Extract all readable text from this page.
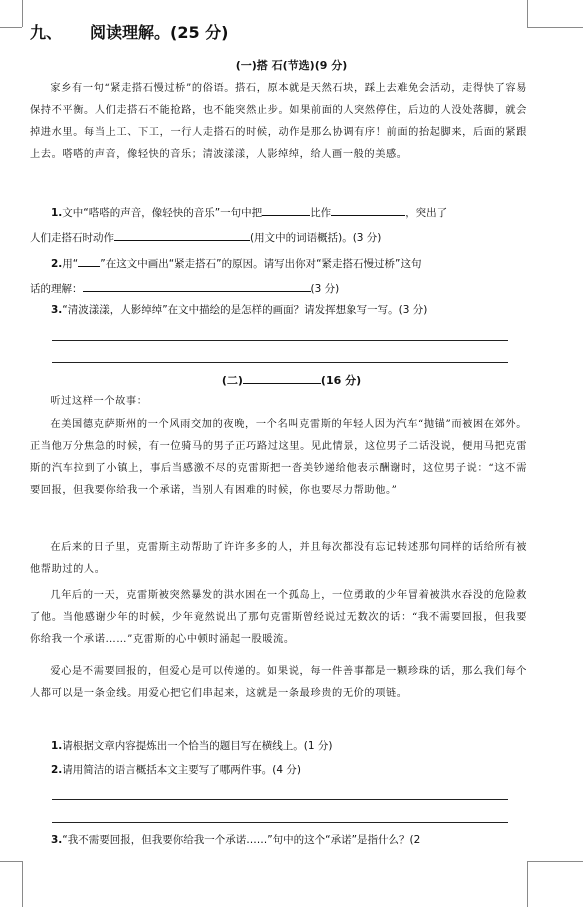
九、 阅读理解。(25 分)
(一)搭 石(节选)(9 分)
家乡有一句“紧走搭石慢过桥”的俗语。搭石，原本就是天然石块，踩上去难免会活动，走得快了容易保持不平衡。人们走搭石不能抢路，也不能突然止步。如果前面的人突然停住，后边的人没处落脚，就会掉进水里。每当上工、下工，一行人走搭石的时候，动作是那么协调有序！前面的抬起脚来，后面的紧跟上去。嗒嗒的声音，像轻快的音乐；清波漾漾，人影绰绰，给人画一般的美感。
1.文中“嗒嗒的声音，像轻快的音乐”一句中把	比作	，突出了
人们走搭石时动作	(用文中的词语概括)。(3 分)
2.用“ ”在这文中画出“紧走搭石”的原因。请写出你对“紧走搭石慢过桥”这句
话的理解：	(3 分)
3.“清波漾漾，人影绰绰”在文中描绘的是怎样的画面？请发挥想象写一写。(3 分)
(二)	(16 分)
听过这样一个故事：
在美国德克萨斯州的一个风雨交加的夜晚，一个名叫克雷斯的年轻人因为汽车“抛锚”而被困在郊外。正当他万分焦急的时候，有一位骑马的男子正巧路过这里。见此情景，这位男子二话没说，便用马把克雷斯的汽车拉到了小镇上，事后当感激不尽的克雷斯把一沓美钞递给他表示酬谢时，这位男子说：“这不需要回报，但我要你给我一个承诺，当别人有困难的时候，你也要尽力帮助他。”
在后来的日子里，克雷斯主动帮助了许许多多的人，并且每次都没有忘记转述那句同样的话给所有被他帮助过的人。
几年后的一天，克雷斯被突然暴发的洪水困在一个孤岛上，一位勇敢的少年冒着被洪水吞没的危险救了他。当他感谢少年的时候，少年竟然说出了那句克雷斯曾经说过无数次的话：“我不需要回报，但我要你给我一个承诺……”克雷斯的心中顿时涌起一股暖流。
爱心是不需要回报的，但爱心是可以传递的。如果说，每一件善事都是一颗珍珠的话，那么我们每个人都可以是一条金线。用爱心把它们串起来，这就是一条最珍贵的无价的项链。
1.请根据文章内容提炼出一个恰当的题目写在横线上。(1 分)
2.请用简洁的语言概括本文主要写了哪两件事。(4 分)
3.“我不需要回报，但我要你给我一个承诺……”句中的这个“承诺”是指什么？(2
